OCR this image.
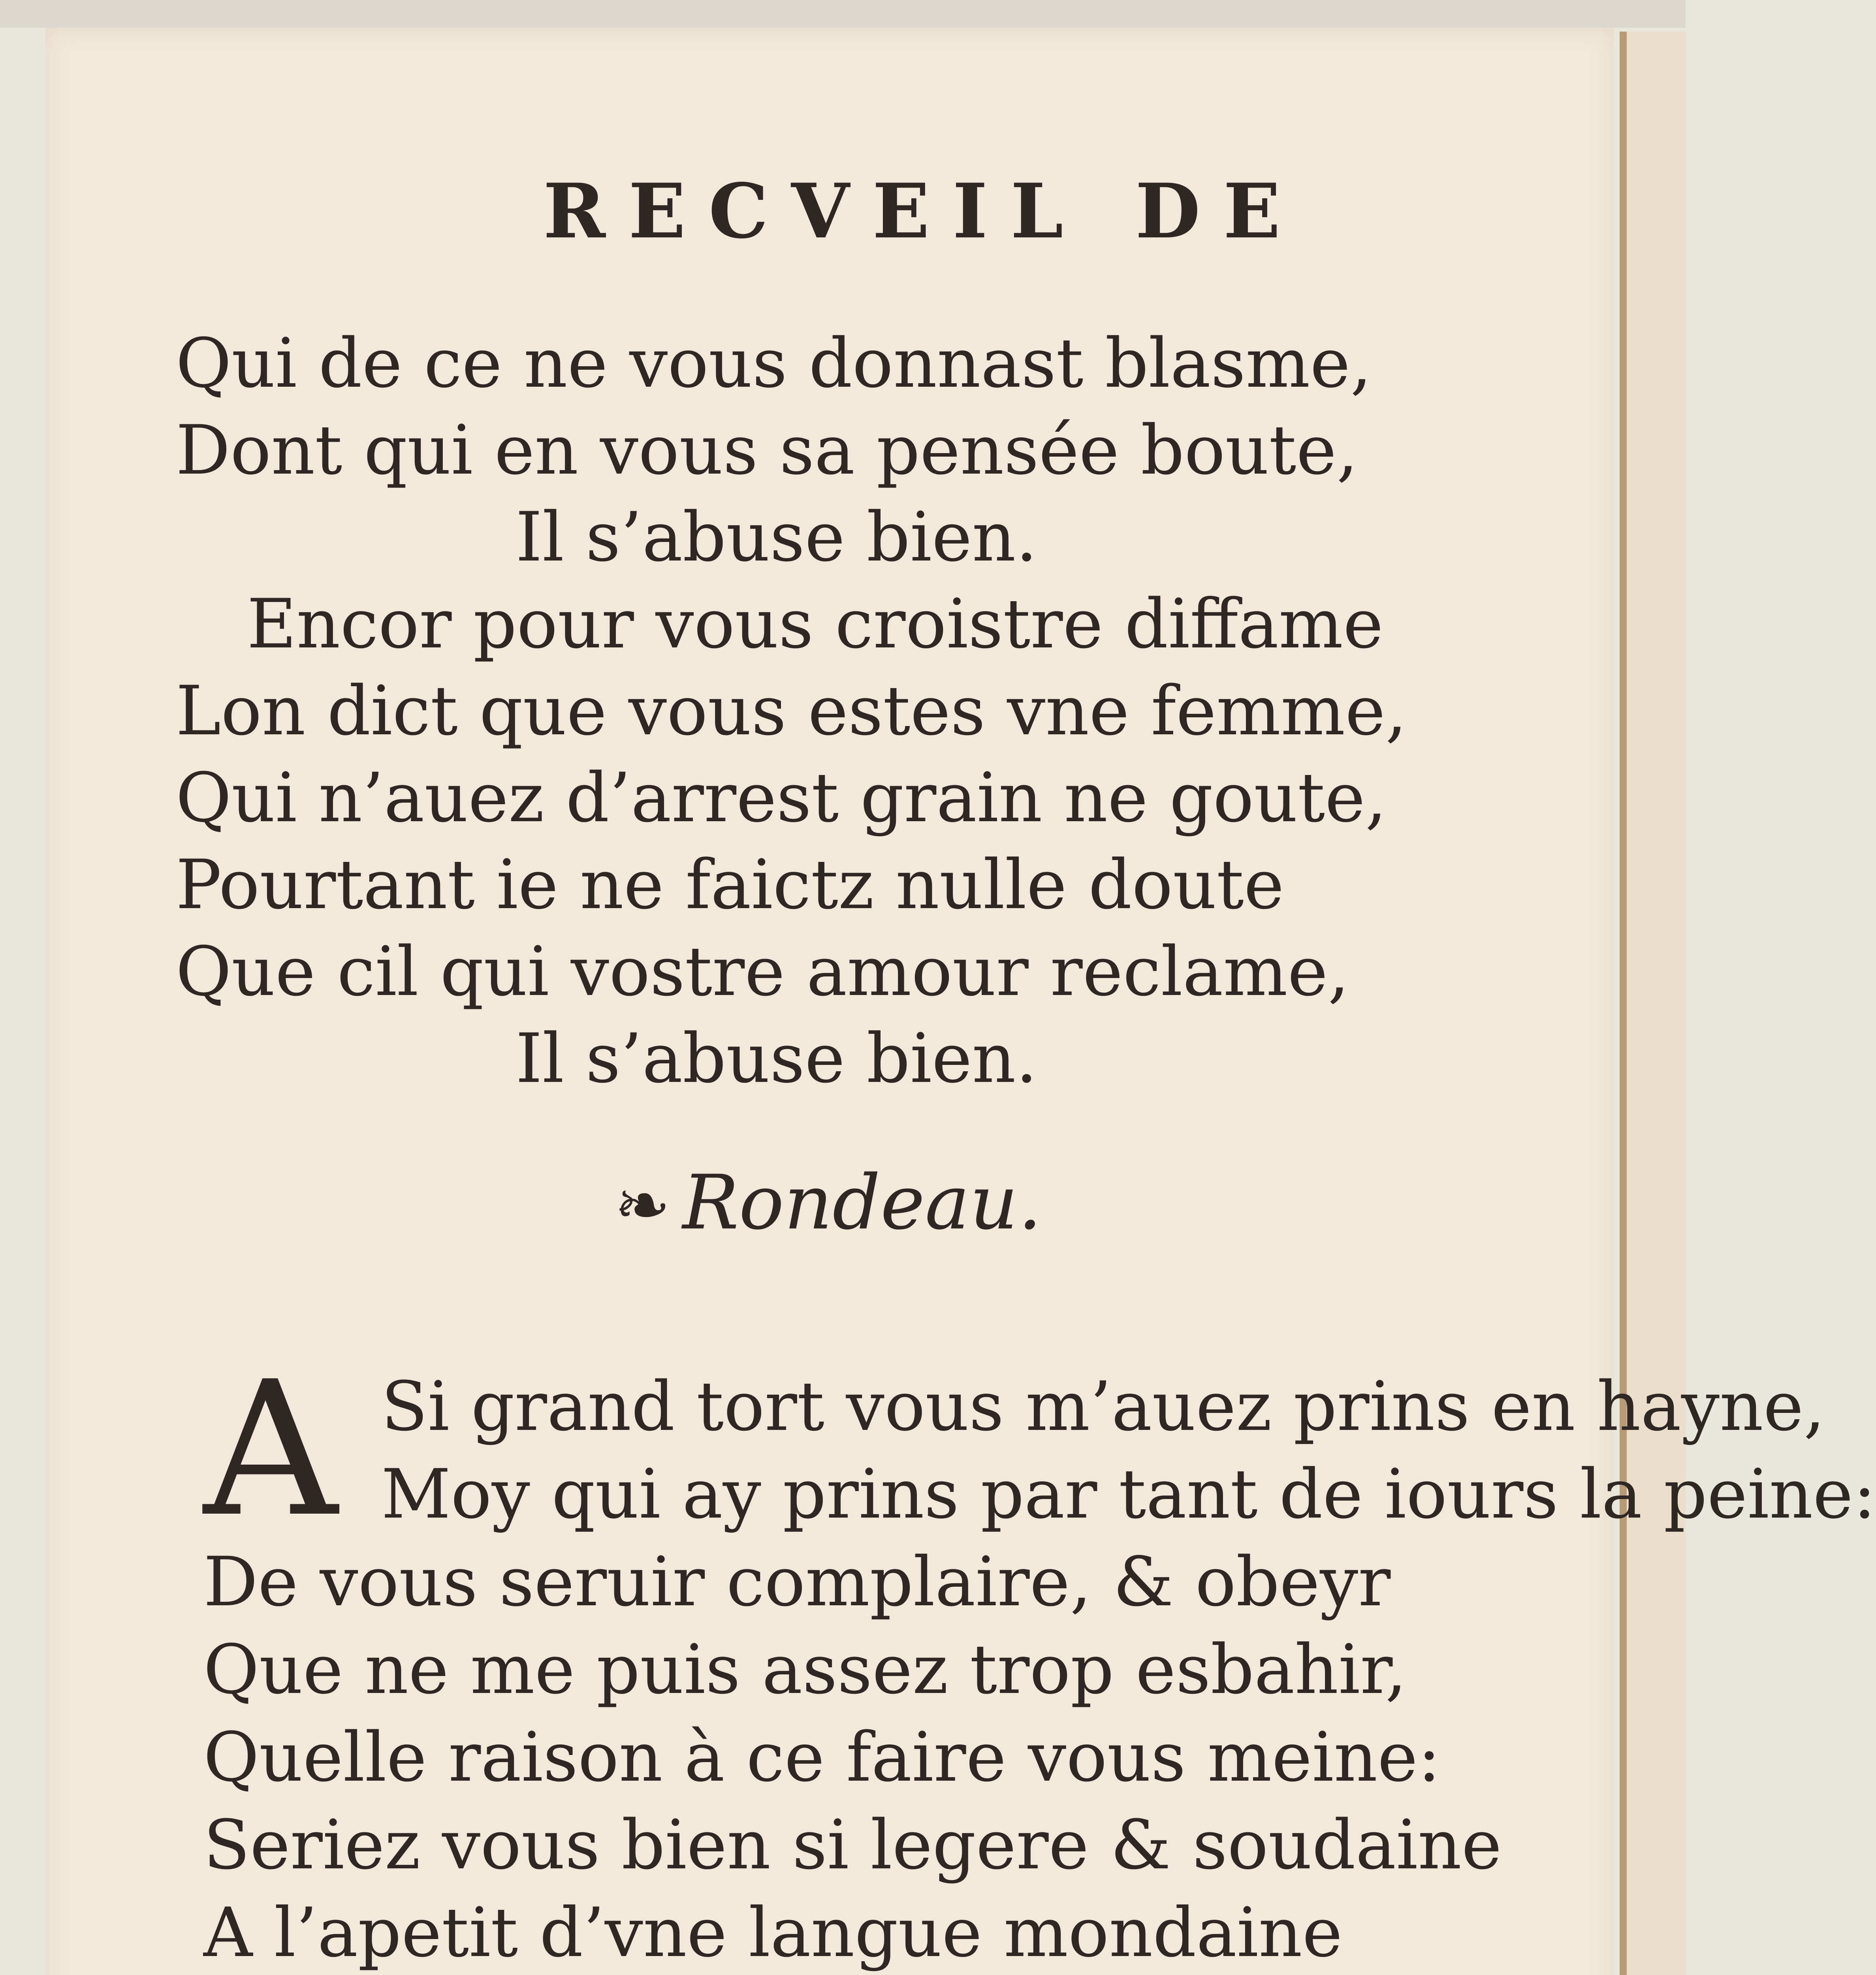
RECVEIL DE
Qui de ce ne vous donnast blasme,
Dont qui en vous sa pensée boute,
Il s’abuse bien.
Encor pour vous croistre diffame
Lon dict que vous estes vne femme,
Qui n’auez d’arrest grain ne goute,
Pourtant ie ne faictz nulle doute
Que cil qui vostre amour reclame,
Il s’abuse bien.
❧ Rondeau.
A Si grand tort vous m’auez prins en hayne,
Moy qui ay prins par tant de iours la peine:
De vous seruir complaire, & obeyr
Que ne me puis assez trop esbahir,
Quelle raison à ce faire vous meine:
Seriez vous bien si legere & soudaine
A l’apetit d’vne langue mondaine
